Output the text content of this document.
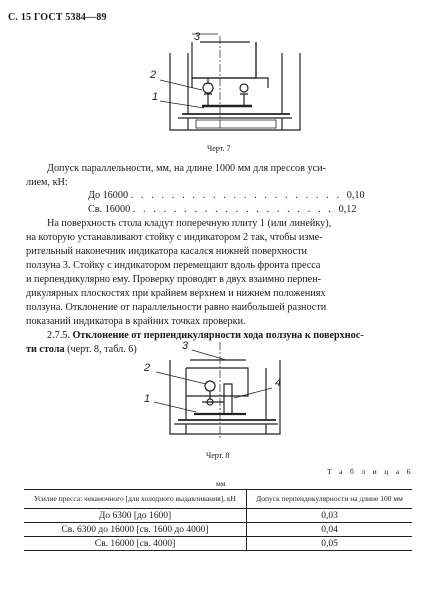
С. 15 ГОСТ 5384—89
3
2
1
Черт. 7
Допуск параллельности, мм, на длине 1000 мм для прессов уси-
лием, кН:
До 16000 . . . . . . . . . . . . . . . . . . . . . 0,10
Св. 16000 . . . . . . . . . . . . . . . . . . . . 0,12
На поверхность стола кладут поперечную плиту 1 (или линейку),
на которую устанавливают стойку с индикатором 2 так, чтобы изме-
рительный наконечник индикатора касался нижней поверхности
ползуна 3. Стойку с индикатором перемещают вдоль фронта пресса
и перпендикулярно ему. Проверку проводят в двух взаимно перпен-
дикулярных плоскостях при крайнем верхнем и нижнем положениях
ползуна. Отклонение от параллельности равно наибольшей разности
показаний индикатора в крайних точках проверки.
2.7.5. Отклонение от перпендикулярности хода ползуна к поверхнос-
ти стола (черт. 8, табл. 6)	3
2
1
4
Черт. 8
Т а б л и ц а 6
мм
Усилие пресса: чеканочного [для холодного выдавливания], кН	Допуск перпендикулярности на длине 100 мм
До 6300 [до 1600]	0,03
Св. 6300 до 16000 [св. 1600 до 4000]	0,04
Св. 16000 [св. 4000]	0,05
